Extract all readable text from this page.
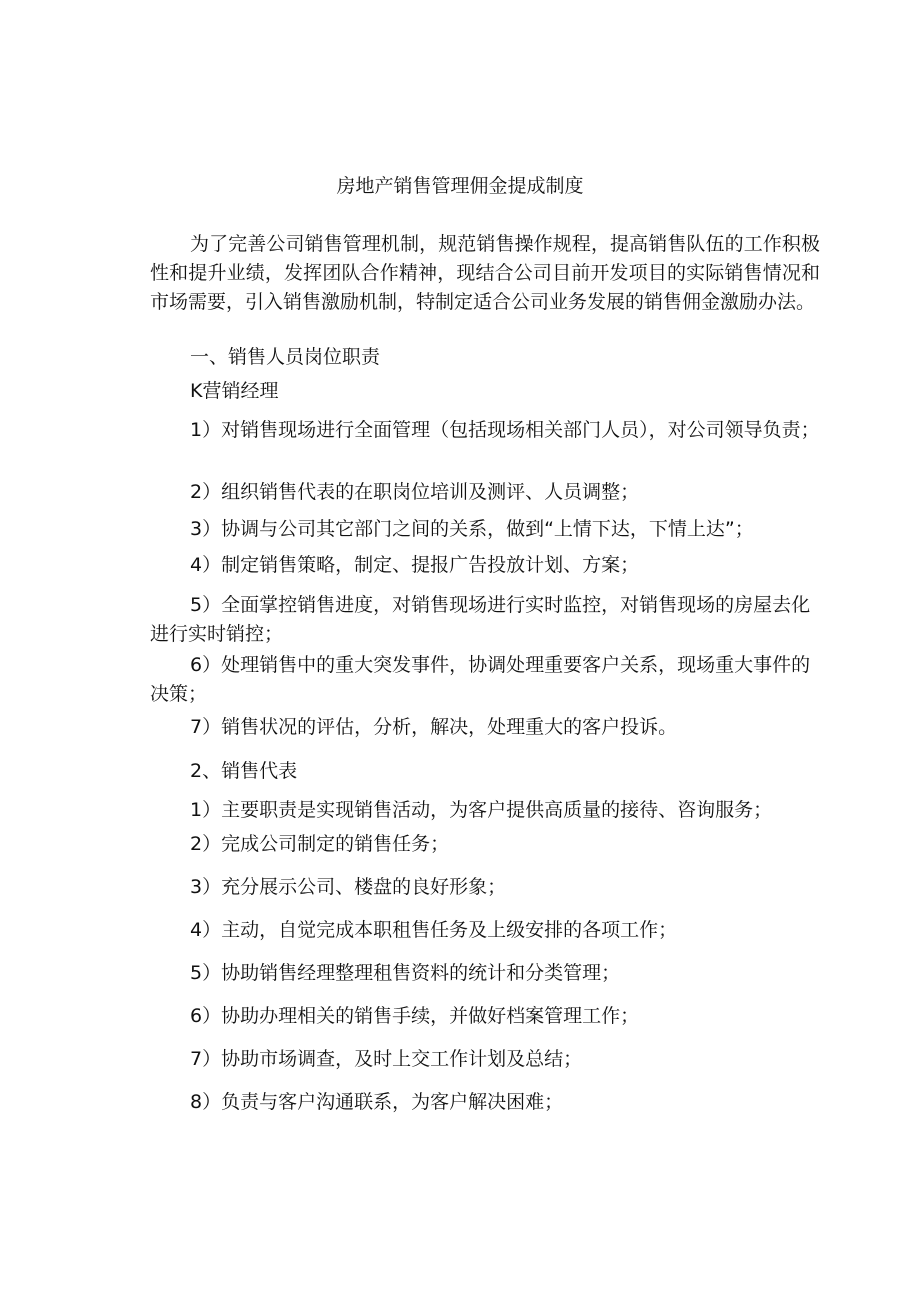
房地产销售管理佣金提成制度

为了完善公司销售管理机制，规范销售操作规程，提高销售队伍的工作积极性和提升业绩，发挥团队合作精神，现结合公司目前开发项目的实际销售情况和市场需要，引入销售激励机制，特制定适合公司业务发展的销售佣金激励办法。

一、销售人员岗位职责

K营销经理

1）对销售现场进行全面管理（包括现场相关部门人员），对公司领导负责；

2）组织销售代表的在职岗位培训及测评、人员调整；

3）协调与公司其它部门之间的关系，做到“上情下达，下情上达”；

4）制定销售策略，制定、提报广告投放计划、方案；

5）全面掌控销售进度，对销售现场进行实时监控，对销售现场的房屋去化进行实时销控；

6）处理销售中的重大突发事件，协调处理重要客户关系，现场重大事件的决策；

7）销售状况的评估，分析，解决，处理重大的客户投诉。

2、销售代表

1）主要职责是实现销售活动，为客户提供高质量的接待、咨询服务；

2）完成公司制定的销售任务；

3）充分展示公司、楼盘的良好形象；

4）主动，自觉完成本职租售任务及上级安排的各项工作；

5）协助销售经理整理租售资料的统计和分类管理；

6）协助办理相关的销售手续，并做好档案管理工作；

7）协助市场调查，及时上交工作计划及总结；

8）负责与客户沟通联系，为客户解决困难；
